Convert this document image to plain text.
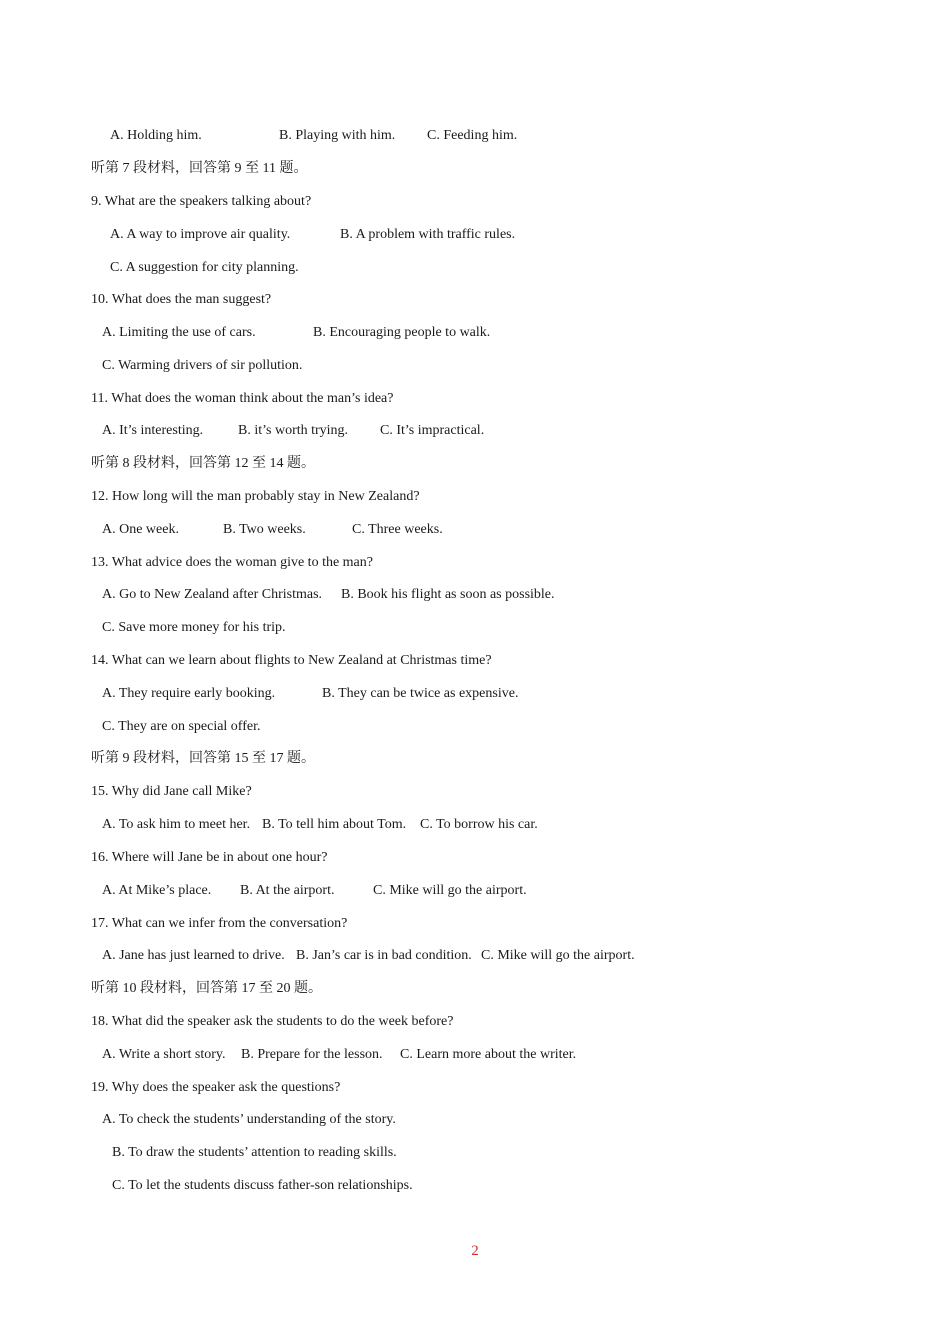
A. Holding him.	B. Playing with him. C. Feeding him.
听第 7 段材料，回答第 9 至 11 题。
9. What are the speakers talking about?
A. A way to improve air quality.	B. A problem with traffic rules.
C. A suggestion for city planning.
10. What does the man suggest?
A. Limiting the use of cars.	B. Encouraging people to walk.
C. Warming drivers of sir pollution.
11. What does the woman think about the man’s idea?
A. It’s interesting. B. it’s worth trying. C. It’s impractical.
听第 8 段材料，回答第 12 至 14 题。
12. How long will the man probably stay in New Zealand?
A. One week.	B. Two weeks.	C. Three weeks.
13. What advice does the woman give to the man?
A. Go to New Zealand after Christmas. B. Book his flight as soon as possible.
C. Save more money for his trip.
14. What can we learn about flights to New Zealand at Christmas time?
A. They require early booking.	B. They can be twice as expensive.
C. They are on special offer.
听第 9 段材料，回答第 15 至 17 题。
15. Why did Jane call Mike?
A. To ask him to meet her. B. To tell him about Tom. C. To borrow his car.
16. Where will Jane be in about one hour?
A. At Mike’s place. B. At the airport.	C. Mike will go the airport.
17. What can we infer from the conversation?
A. Jane has just learned to drive. B. Jan’s car is in bad condition. C. Mike will go the airport.
听第 10 段材料，回答第 17 至 20 题。
18. What did the speaker ask the students to do the week before?
A. Write a short story. B. Prepare for the lesson. C. Learn more about the writer.
19. Why does the speaker ask the questions?
A. To check the students’ understanding of the story.
B. To draw the students’ attention to reading skills.
C. To let the students discuss father-son relationships.
2
